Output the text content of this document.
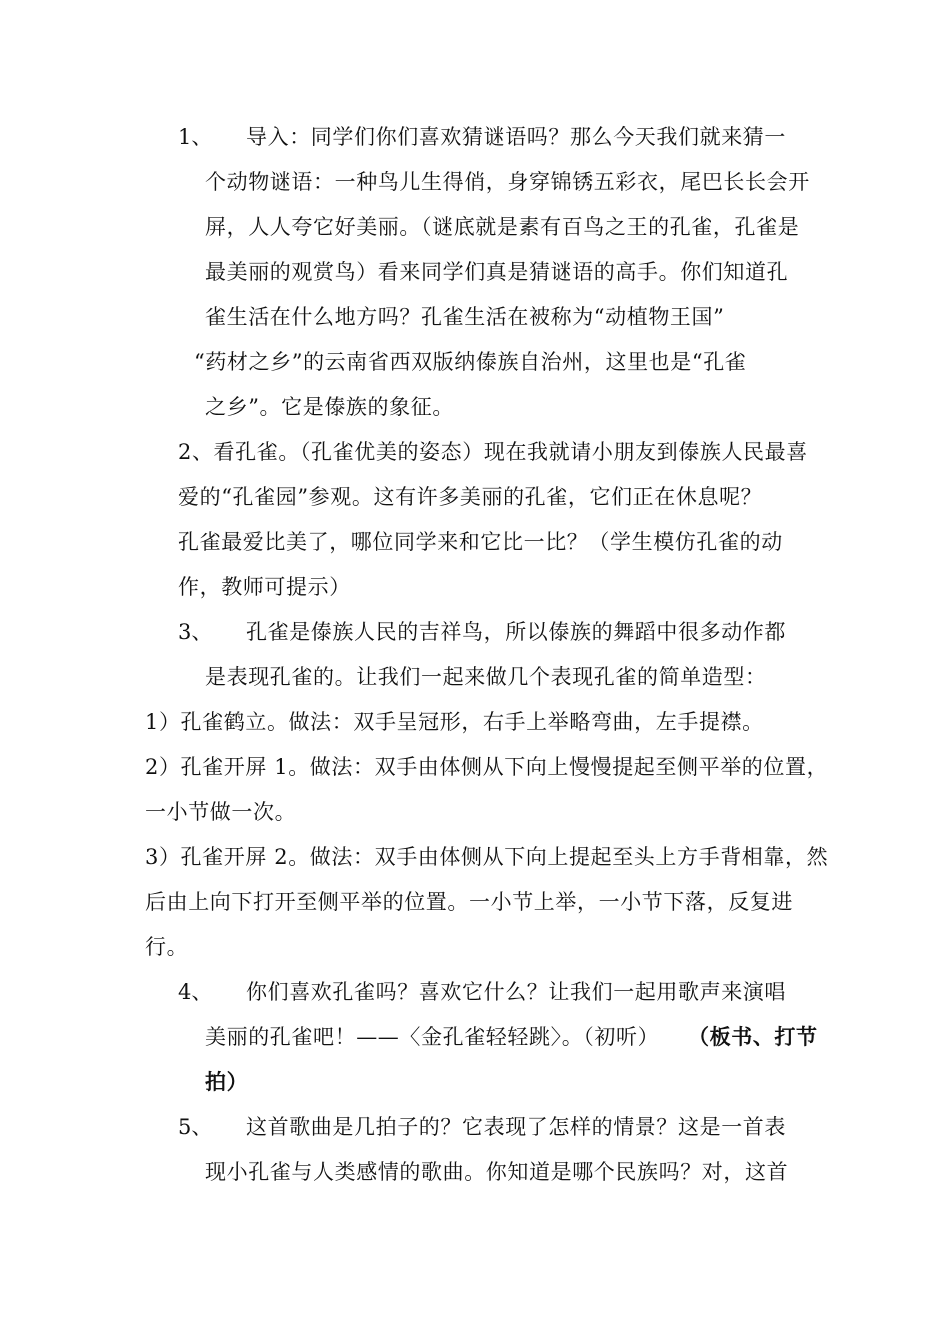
1、 导入：同学们你们喜欢猜谜语吗？那么今天我们就来猜一
个动物谜语：一种鸟儿生得俏，身穿锦锈五彩衣，尾巴长长会开
屏，人人夸它好美丽。（谜底就是素有百鸟之王的孔雀，孔雀是
最美丽的观赏鸟）看来同学们真是猜谜语的高手。你们知道孔
雀生活在什么地方吗？孔雀生活在被称为“动植物王国”
“药材之乡”的云南省西双版纳傣族自治州，这里也是“孔雀
之乡”。它是傣族的象征。
2、看孔雀。（孔雀优美的姿态）现在我就请小朋友到傣族人民最喜
爱的“孔雀园”参观。这有许多美丽的孔雀，它们正在休息呢？
孔雀最爱比美了，哪位同学来和它比一比？（学生模仿孔雀的动
作，教师可提示）
3、 孔雀是傣族人民的吉祥鸟，所以傣族的舞蹈中很多动作都
是表现孔雀的。让我们一起来做几个表现孔雀的简单造型：
1）孔雀鹤立。做法：双手呈冠形，右手上举略弯曲，左手提襟。
2）孔雀开屏 1。做法：双手由体侧从下向上慢慢提起至侧平举的位置，
一小节做一次。
3）孔雀开屏 2。做法：双手由体侧从下向上提起至头上方手背相靠，然
后由上向下打开至侧平举的位置。一小节上举，一小节下落，反复进
行。
4、 你们喜欢孔雀吗？喜欢它什么？让我们一起用歌声来演唱
美丽的孔雀吧！——〈金孔雀轻轻跳〉。（初听） （板书、打节
拍）
5、 这首歌曲是几拍子的？它表现了怎样的情景？这是一首表
现小孔雀与人类感情的歌曲。你知道是哪个民族吗？对，这首
